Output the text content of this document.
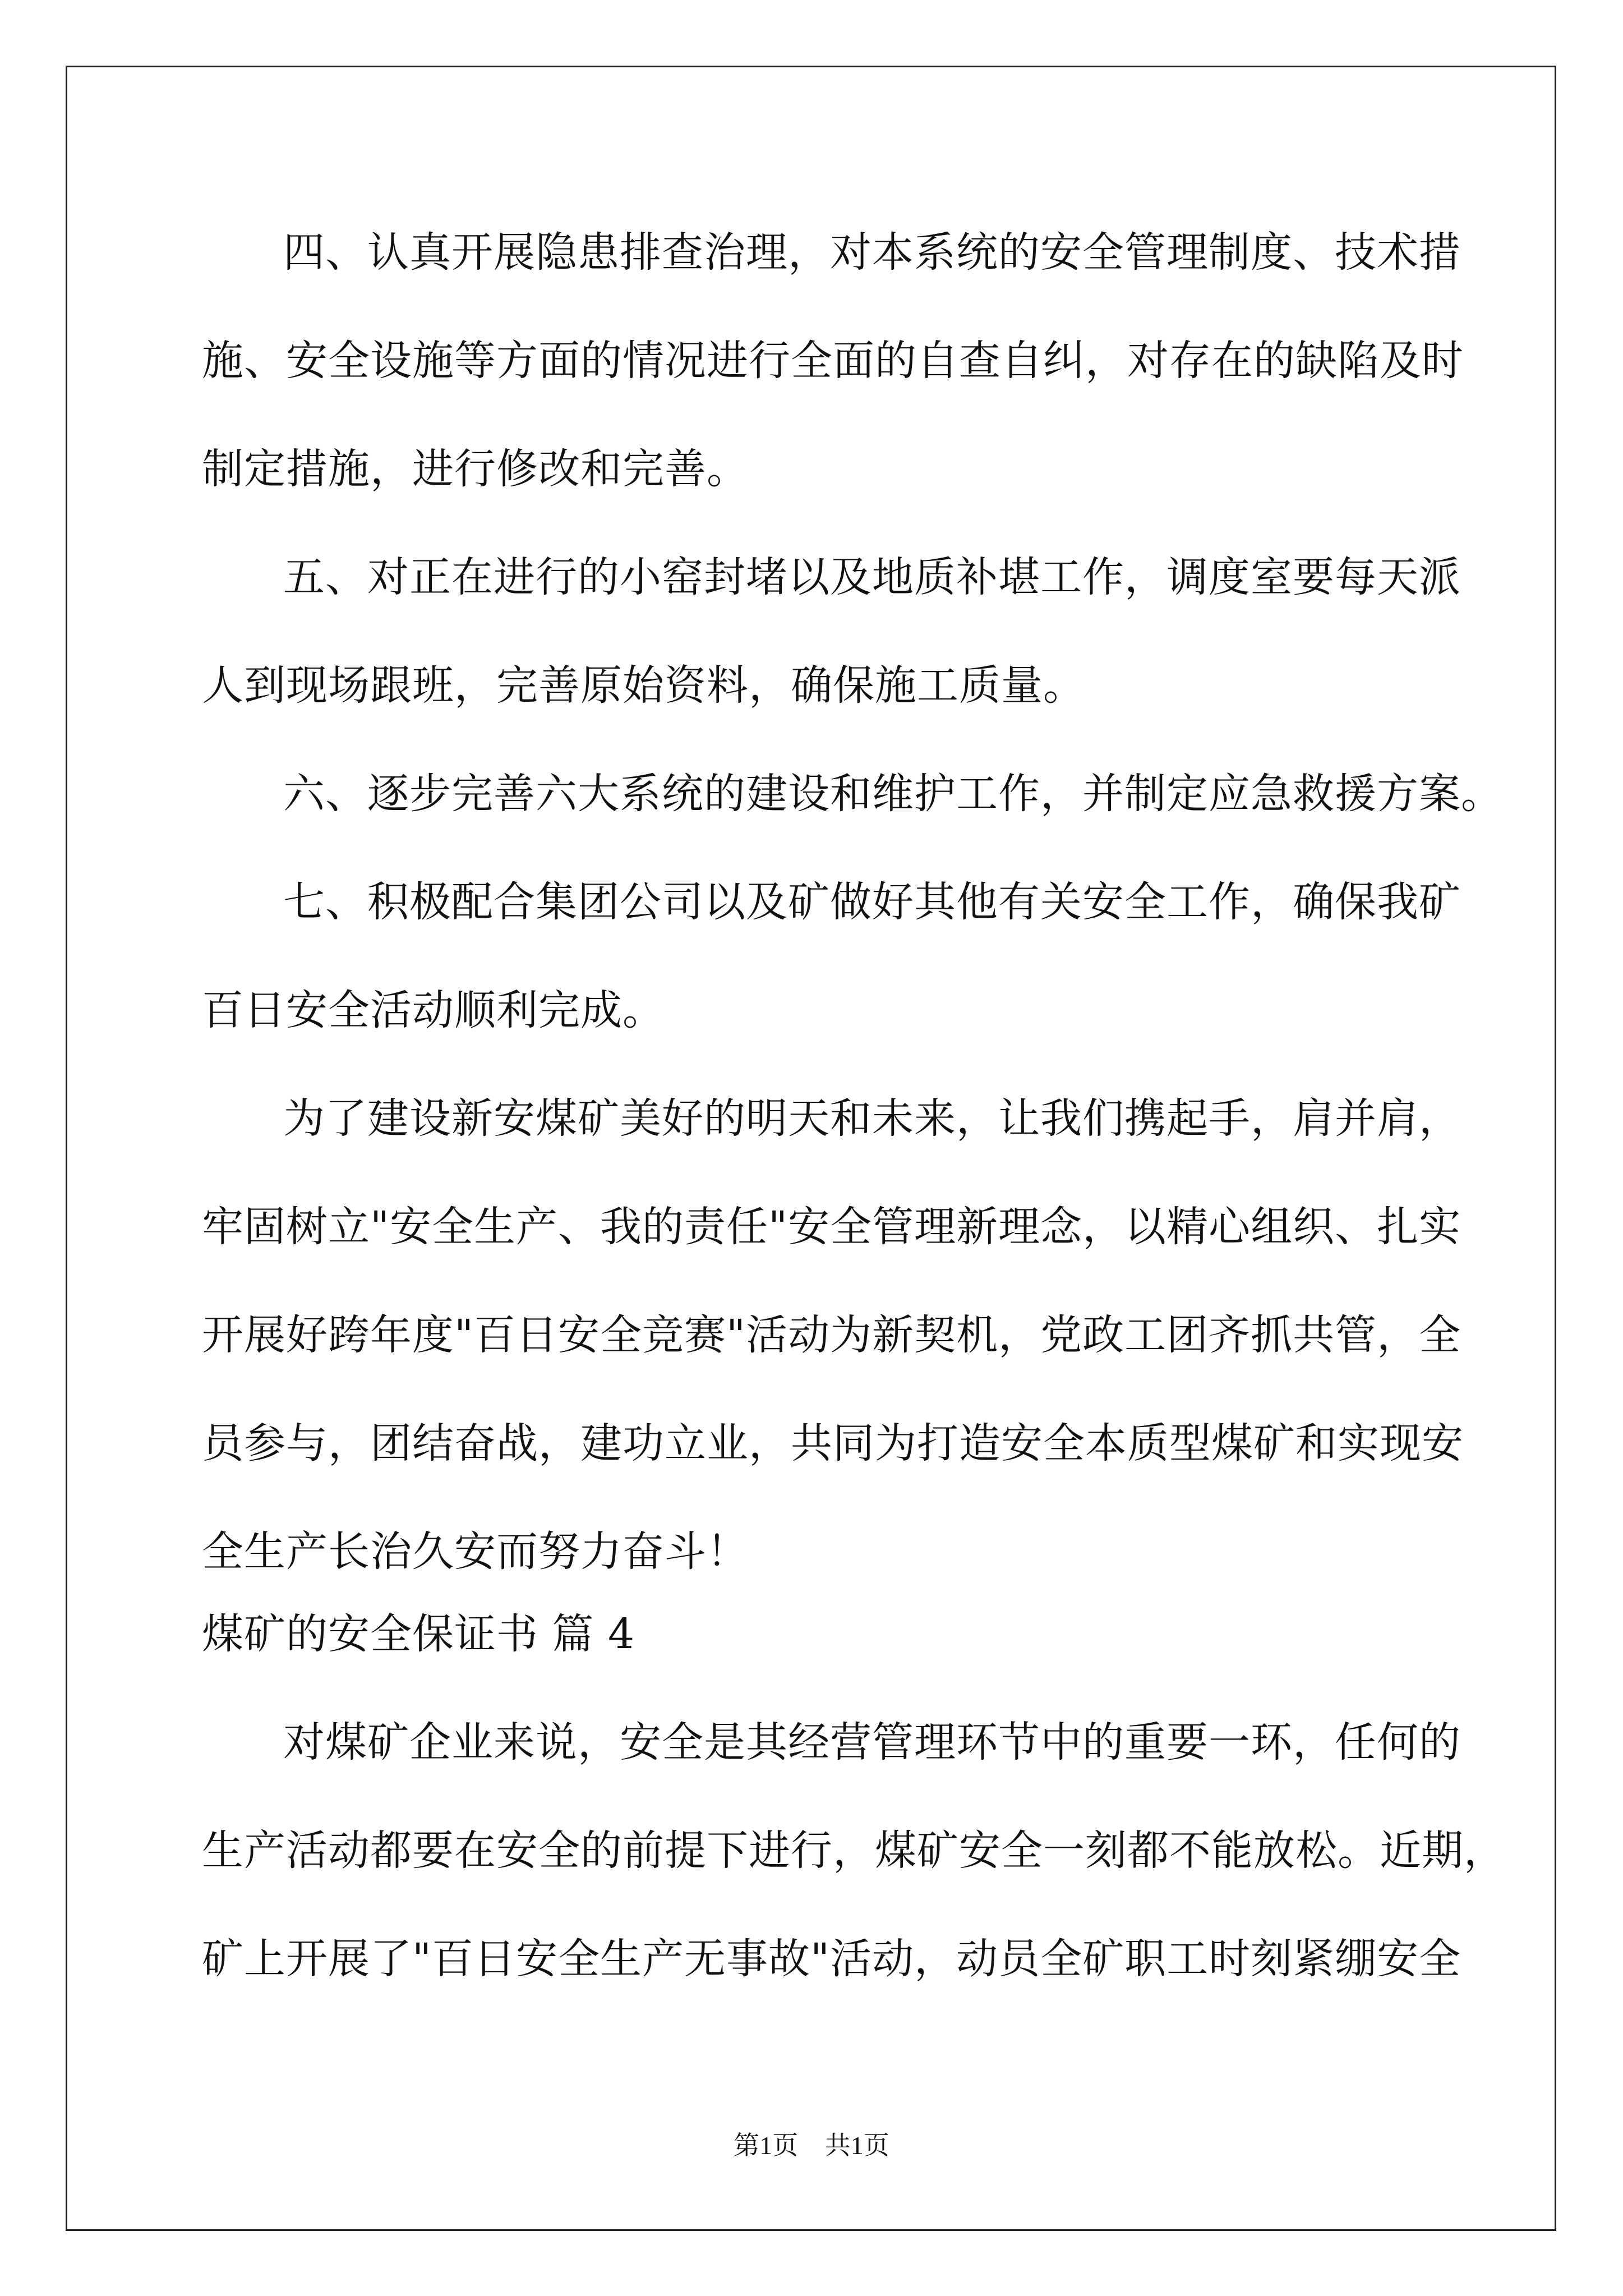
四、认真开展隐患排查治理，对本系统的安全管理制度、技术措
施、安全设施等方面的情况进行全面的自查自纠，对存在的缺陷及时
制定措施，进行修改和完善。
五、对正在进行的小窑封堵以及地质补堪工作，调度室要每天派
人到现场跟班，完善原始资料，确保施工质量。
六、逐步完善六大系统的建设和维护工作，并制定应急救援方案。
七、积极配合集团公司以及矿做好其他有关安全工作，确保我矿
百日安全活动顺利完成。
为了建设新安煤矿美好的明天和未来，让我们携起手，肩并肩，
牢固树立"安全生产、我的责任"安全管理新理念，以精心组织、扎实
开展好跨年度"百日安全竞赛"活动为新契机，党政工团齐抓共管，全
员参与，团结奋战，建功立业，共同为打造安全本质型煤矿和实现安
全生产长治久安而努力奋斗！
煤矿的安全保证书 篇 4
对煤矿企业来说，安全是其经营管理环节中的重要一环，任何的
生产活动都要在安全的前提下进行，煤矿安全一刻都不能放松。近期，
矿上开展了"百日安全生产无事故"活动，动员全矿职工时刻紧绷安全
第1页 共1页
